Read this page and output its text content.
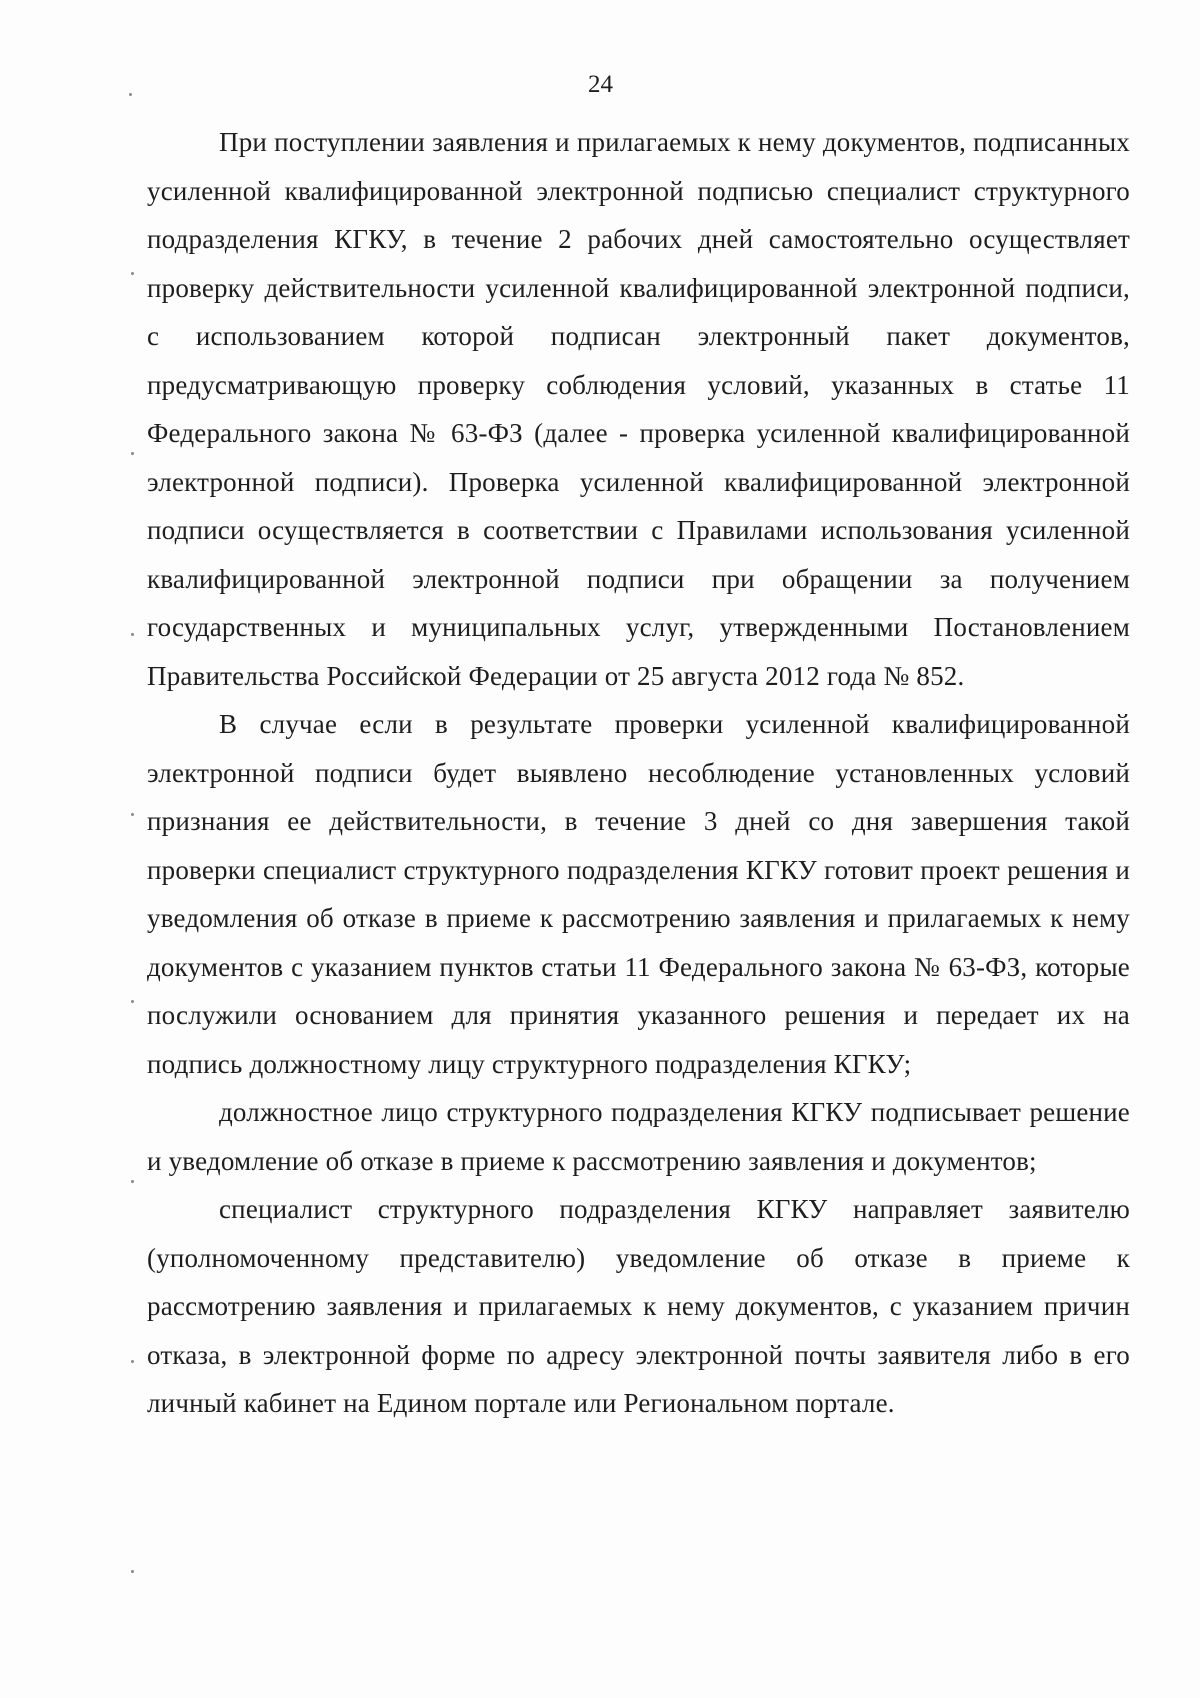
24

При поступлении заявления и прилагаемых к нему документов, подписанных усиленной квалифицированной электронной подписью специалист структурного подразделения КГКУ, в течение 2 рабочих дней самостоятельно осуществляет проверку действительности усиленной квалифицированной электронной подписи, с использованием которой подписан электронный пакет документов, предусматривающую проверку соблюдения условий, указанных в статье 11 Федерального закона № 63-ФЗ (далее - проверка усиленной квалифицированной электронной подписи). Проверка усиленной квалифицированной электронной подписи осуществляется в соответствии с Правилами использования усиленной квалифицированной электронной подписи при обращении за получением государственных и муниципальных услуг, утвержденными Постановлением Правительства Российской Федерации от 25 августа 2012 года № 852.

В случае если в результате проверки усиленной квалифицированной электронной подписи будет выявлено несоблюдение установленных условий признания ее действительности, в течение 3 дней со дня завершения такой проверки специалист структурного подразделения КГКУ готовит проект решения и уведомления об отказе в приеме к рассмотрению заявления и прилагаемых к нему документов с указанием пунктов статьи 11 Федерального закона № 63-ФЗ, которые послужили основанием для принятия указанного решения и передает их на подпись должностному лицу структурного подразделения КГКУ;

должностное лицо структурного подразделения КГКУ подписывает решение и уведомление об отказе в приеме к рассмотрению заявления и документов;

специалист структурного подразделения КГКУ направляет заявителю (уполномоченному представителю) уведомление об отказе в приеме к рассмотрению заявления и прилагаемых к нему документов, с указанием причин отказа, в электронной форме по адресу электронной почты заявителя либо в его личный кабинет на Едином портале или Региональном портале.
